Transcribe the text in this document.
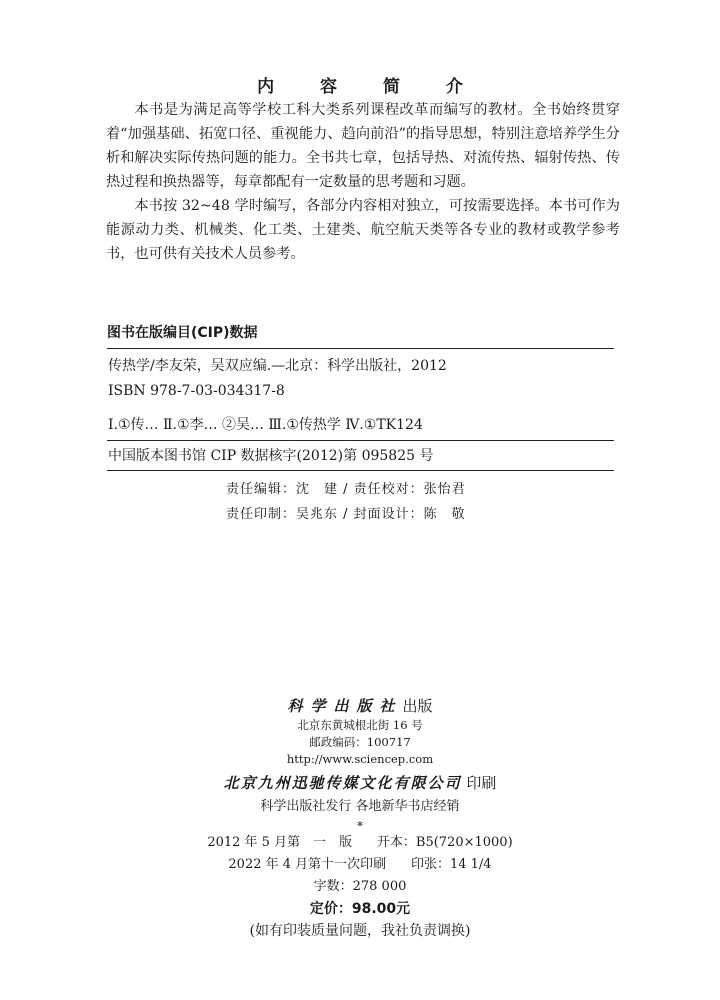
内 容 简 介

本书是为满足高等学校工科大类系列课程改革而编写的教材。全书始终贯穿着“加强基础、拓宽口径、重视能力、趋向前沿”的指导思想，特别注意培养学生分析和解决实际传热问题的能力。全书共七章，包括导热、对流传热、辐射传热、传热过程和换热器等，每章都配有一定数量的思考题和习题。

本书按 32~48 学时编写，各部分内容相对独立，可按需要选择。本书可作为能源动力类、机械类、化工类、土建类、航空航天类等各专业的教材或教学参考书，也可供有关技术人员参考。

图书在版编目(CIP)数据
传热学/李友荣，吴双应编.—北京：科学出版社，2012
ISBN 978-7-03-034317-8
Ⅰ.①传… Ⅱ.①李… ②吴… Ⅲ.①传热学 Ⅳ.①TK124
中国版本图书馆 CIP 数据核字(2012)第 095825 号
责任编辑：沈　建 / 责任校对：张怡君
责任印制：吴兆东 / 封面设计：陈　敬
科学出版社出版
北京东黄城根北街 16 号
邮政编码：100717
http://www.sciencep.com
北京九州迅驰传媒文化有限公司 印刷
科学出版社发行 各地新华书店经销
*
2012 年 5 月第　一　版 开本：B5(720×1000)
2022 年 4 月第十一次印刷 印张：14 1/4
字数：278 000
定价：98.00元
(如有印装质量问题，我社负责调换)
